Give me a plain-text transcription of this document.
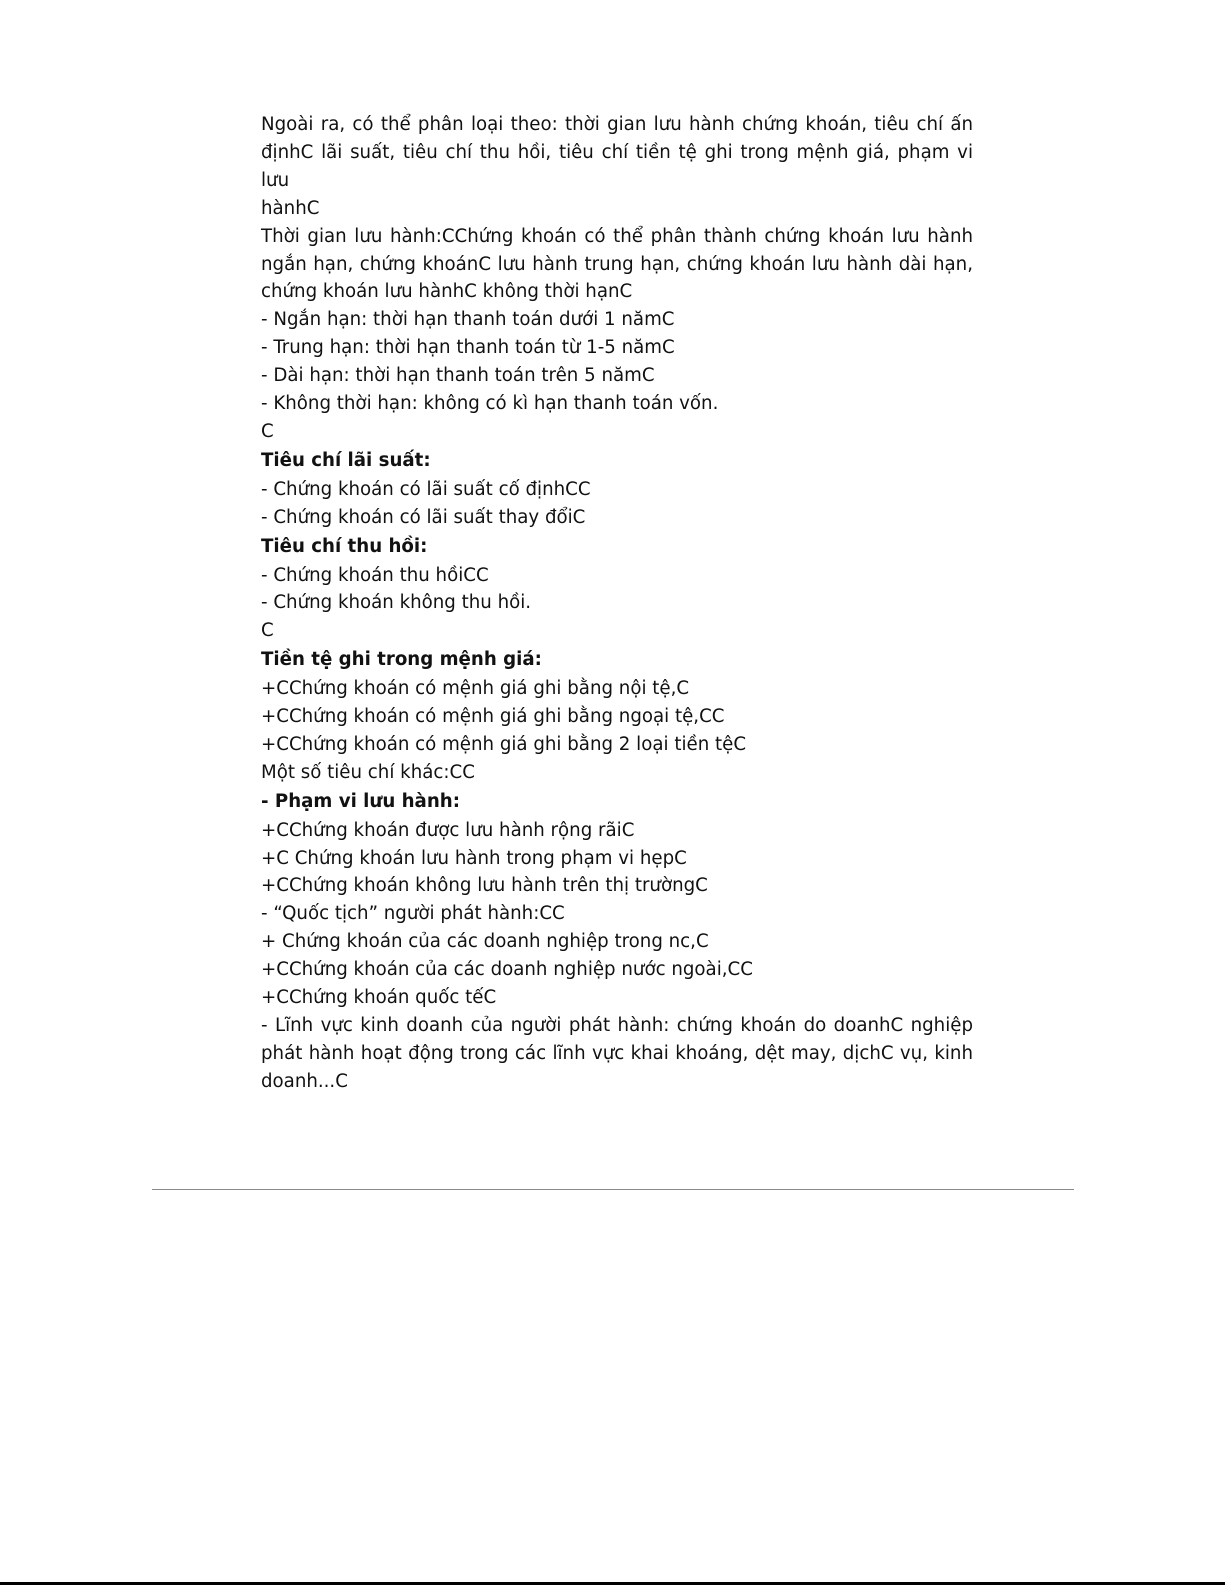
Ngoài ra, có thể phân loại theo: thời gian lưu hành chứng khoán, tiêu chí ấn
địnhC lãi suất, tiêu chí thu hồi, tiêu chí tiền tệ ghi trong mệnh giá, phạm vi lưu
hànhC
Thời gian lưu hành:CChứng khoán có thể phân thành chứng khoán lưu hành
ngắn hạn, chứng khoánC lưu hành trung hạn, chứng khoán lưu hành dài hạn,
chứng khoán lưu hànhC không thời hạnC
- Ngắn hạn: thời hạn thanh toán dưới 1 nămC
- Trung hạn: thời hạn thanh toán từ 1-5 nămC
- Dài hạn: thời hạn thanh toán trên 5 nămC
- Không thời hạn: không có kì hạn thanh toán vốn.
C
Tiêu chí lãi suất:
- Chứng khoán có lãi suất cố địnhCC
- Chứng khoán có lãi suất thay đổiC
Tiêu chí thu hồi:
- Chứng khoán thu hồiCC
- Chứng khoán không thu hồi.
C
Tiền tệ ghi trong mệnh giá:
+CChứng khoán có mệnh giá ghi bằng nội tệ,C
+CChứng khoán có mệnh giá ghi bằng ngoại tệ,CC
+CChứng khoán có mệnh giá ghi bằng 2 loại tiền tệC
Một số tiêu chí khác:CC
- Phạm vi lưu hành:
+CChứng khoán được lưu hành rộng rãiC
+C Chứng khoán lưu hành trong phạm vi hẹpC
+CChứng khoán không lưu hành trên thị trườngC
- “Quốc tịch” người phát hành:CC
+ Chứng khoán của các doanh nghiệp trong nc,C
+CChứng khoán của các doanh nghiệp nước ngoài,CC
+CChứng khoán quốc tếC
- Lĩnh vực kinh doanh của người phát hành: chứng khoán do doanhC nghiệp
phát hành hoạt động trong các lĩnh vực khai khoáng, dệt may, dịchC vụ, kinh
doanh...C
